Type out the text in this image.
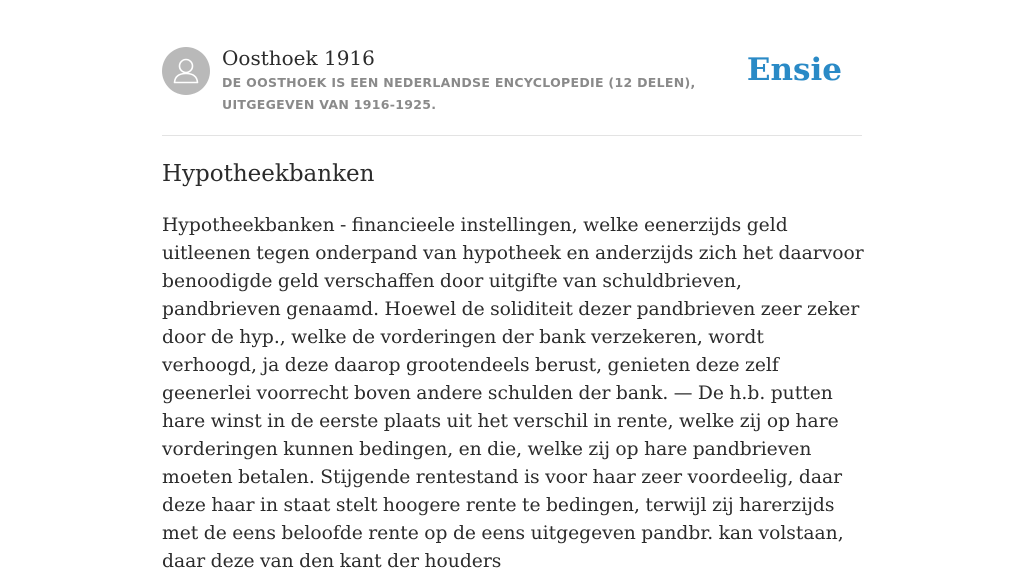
Oosthoek 1916
DE OOSTHOEK IS EEN NEDERLANDSE ENCYCLOPEDIE (12 DELEN), UITGEGEVEN VAN 1916-1925.
Ensie
Hypotheekbanken

Hypotheekbanken - financieele instellingen, welke eenerzijds geld uitleenen tegen onderpand van hypotheek en anderzijds zich het daarvoor benoodigde geld verschaffen door uitgifte van schuldbrieven, pandbrieven genaamd. Hoewel de soliditeit dezer pandbrieven zeer zeker door de hyp., welke de vorderingen der bank verzekeren, wordt verhoogd, ja deze daarop grootendeels berust, genieten deze zelf geenerlei voorrecht boven andere schulden der bank. — De h.b. putten hare winst in de eerste plaats uit het verschil in rente, welke zij op hare vorderingen kunnen bedingen, en die, welke zij op hare pandbrieven moeten betalen. Stijgende rentestand is voor haar zeer voordeelig, daar deze haar in staat stelt hoogere rente te bedingen, terwijl zij harerzijds met de eens beloofde rente op de eens uitgegeven pandbr. kan volstaan, daar deze van den kant der houders
